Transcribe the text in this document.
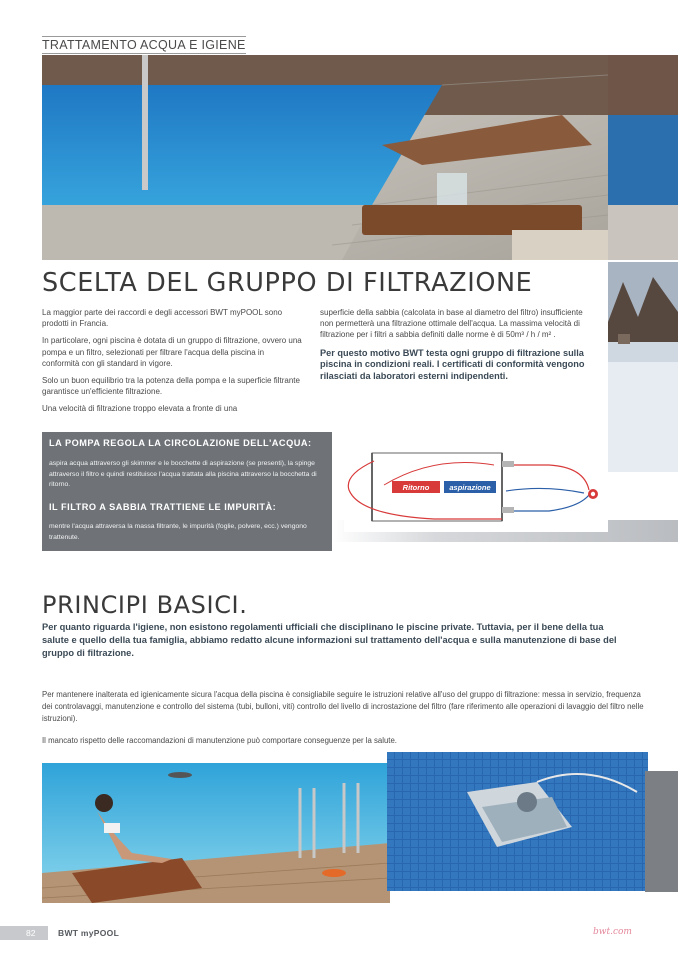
TRATTAMENTO ACQUA E IGIENE
SCELTA DEL GRUPPO DI FILTRAZIONE

La maggior parte dei raccordi e degli accessori BWT myPOOL sono prodotti in Francia.

In particolare, ogni piscina è dotata di un gruppo di filtrazione, ovvero una pompa e un filtro, selezionati per filtrare l'acqua della piscina in conformità con gli standard in vigore.

Solo un buon equilibrio tra la potenza della pompa e la superficie filtrante garantisce un'efficiente filtrazione.

Una velocità di filtrazione troppo elevata a fronte di una

superficie della sabbia (calcolata in base al diametro del filtro) insufficiente non permetterà una filtrazione ottimale dell'acqua. La massima velocità di filtrazione per i filtri a sabbia definiti dalle norme è di 50m³ / h / m² .

Per questo motivo BWT testa ogni gruppo di filtrazione sulla piscina in condizioni reali. I certificati di conformità vengono rilasciati da laboratori esterni indipendenti.

LA POMPA REGOLA LA CIRCOLAZIONE DELL'ACQUA:
aspira acqua attraverso gli skimmer e le bocchette di aspirazione (se presenti), la spinge attraverso il filtro e quindi restituisce l'acqua trattata alla piscina attraverso la bocchetta di ritorno.
IL FILTRO A SABBIA TRATTIENE LE IMPURITÀ:
mentre l'acqua attraversa la massa filtrante, le impurità (foglie, polvere, ecc.) vengono trattenute.
Ritorno	aspirazione
PRINCIPI BASICI.
Per quanto riguarda l'igiene, non esistono regolamenti ufficiali che disciplinano le piscine private. Tuttavia, per il bene della tua salute e quello della tua famiglia, abbiamo redatto alcune informazioni sul trattamento dell'acqua e sulla manutenzione di base del gruppo di filtrazione.
Per mantenere inalterata ed igienicamente sicura l'acqua della piscina è consigliabile seguire le istruzioni relative all'uso del gruppo di filtrazione: messa in servizio, frequenza dei controlavaggi, manutenzione e controllo del sistema (tubi, bulloni, viti) controllo del livello di incrostazione del filtro (fare riferimento alle operazioni di lavaggio del filtro nelle istruzioni).
Il mancato rispetto delle raccomandazioni di manutenzione può comportare conseguenze per la salute.
82	BWT myPOOL	bwt.com
